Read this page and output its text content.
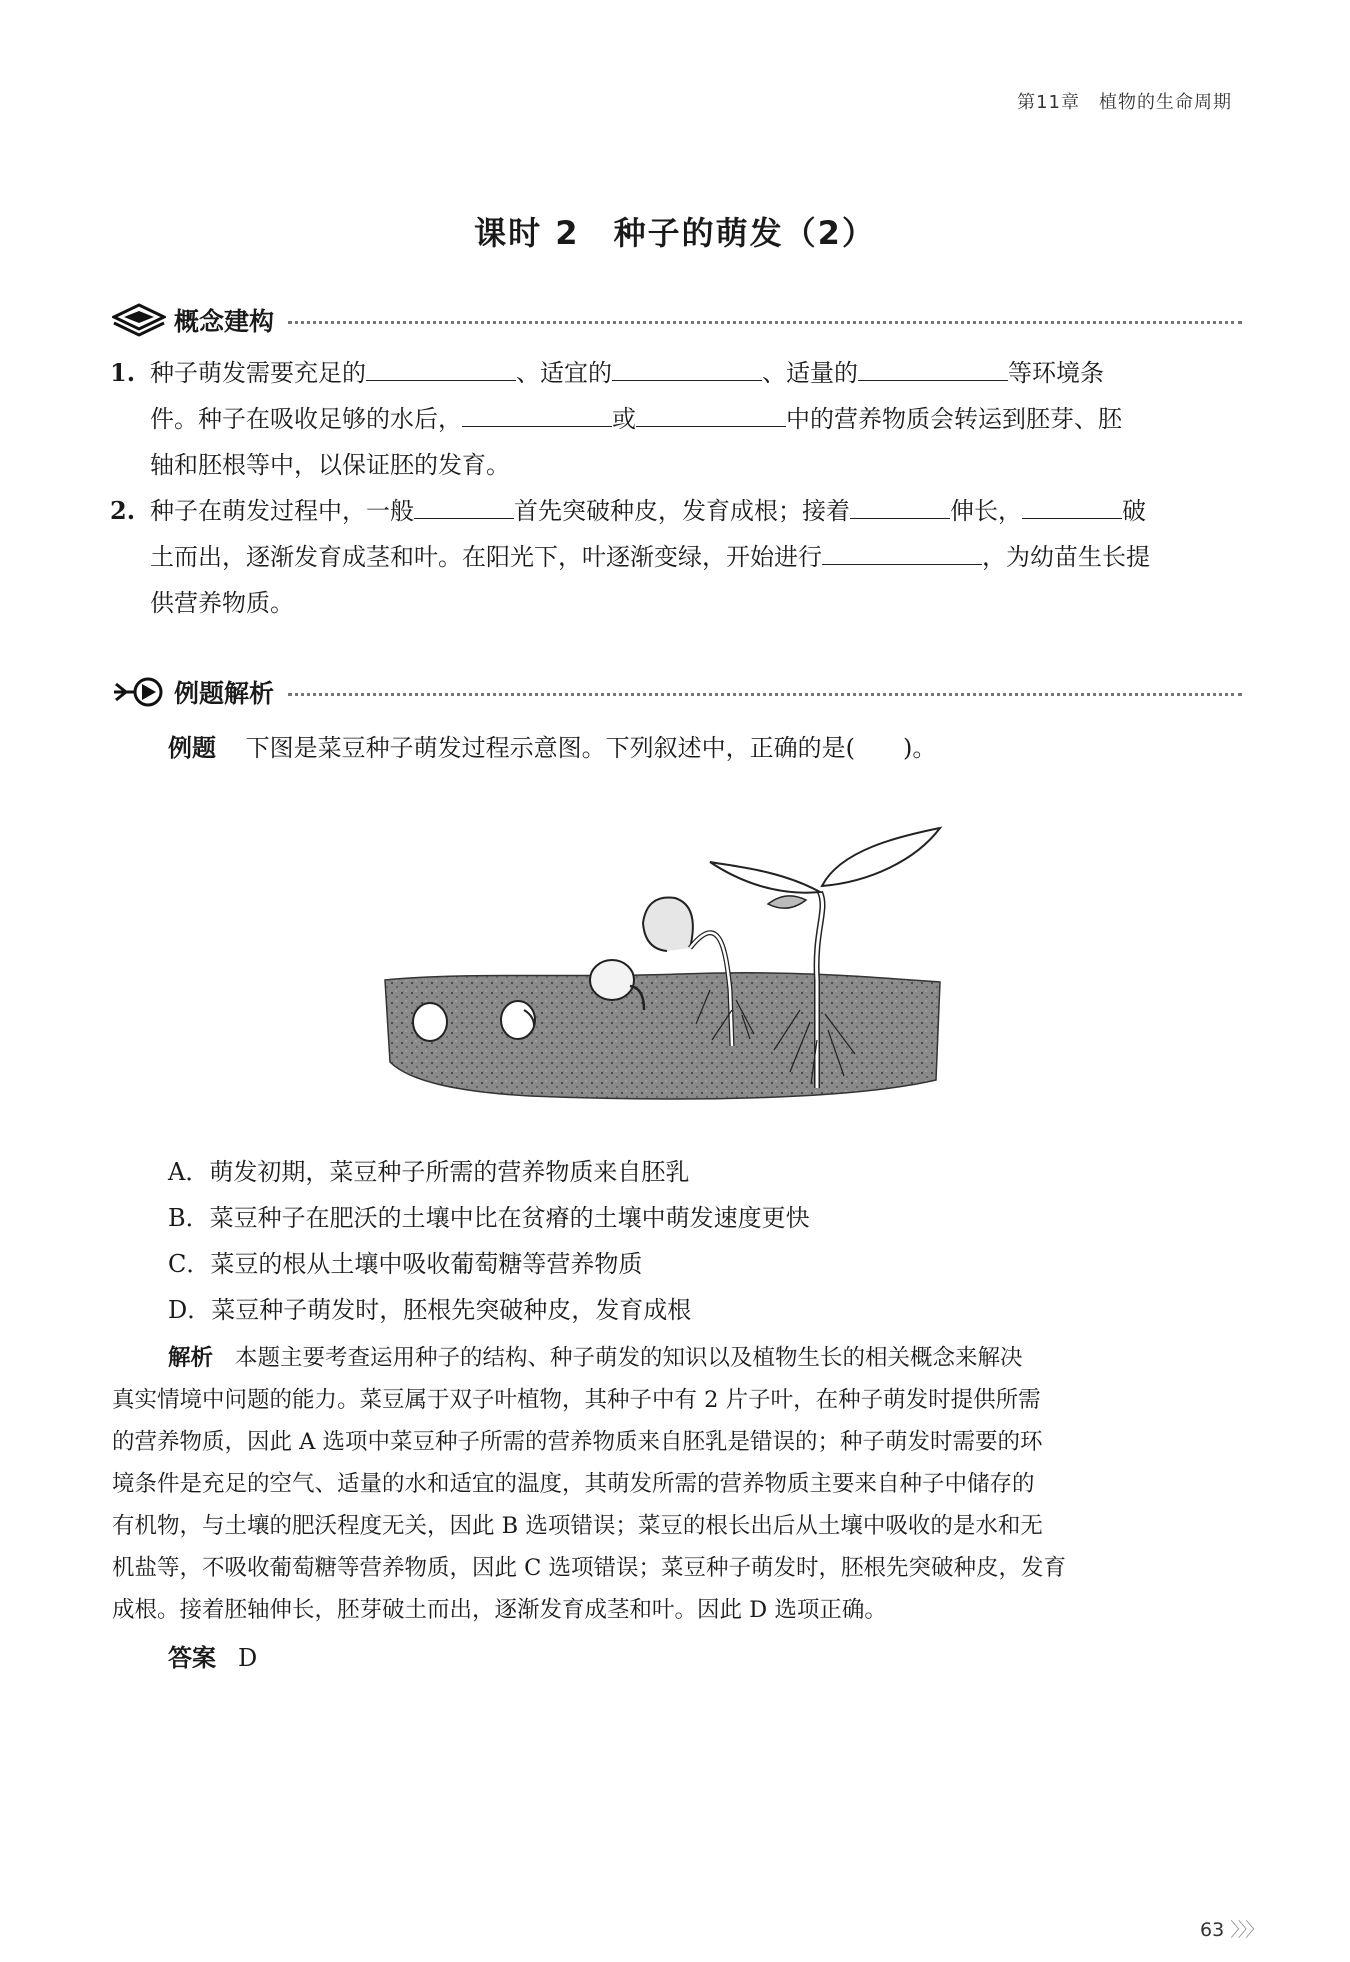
第11章　植物的生命周期
课时 2　种子的萌发（2）
概念建构
1. 种子萌发需要充足的	、适宜的	、适量的	等环境条
件。种子在吸收足够的水后，	或	中的营养物质会转运到胚芽、胚
轴和胚根等中，以保证胚的发育。
2. 种子在萌发过程中，一般	首先突破种皮，发育成根；接着	伸长，	破
土而出，逐渐发育成茎和叶。在阳光下，叶逐渐变绿，开始进行	，为幼苗生长提
供营养物质。
例题解析
例题 下图是菜豆种子萌发过程示意图。下列叙述中，正确的是(　　)。
A．萌发初期，菜豆种子所需的营养物质来自胚乳
B．菜豆种子在肥沃的土壤中比在贫瘠的土壤中萌发速度更快
C．菜豆的根从土壤中吸收葡萄糖等营养物质
D．菜豆种子萌发时，胚根先突破种皮，发育成根
解析 本题主要考查运用种子的结构、种子萌发的知识以及植物生长的相关概念来解决
真实情境中问题的能力。菜豆属于双子叶植物，其种子中有 2 片子叶，在种子萌发时提供所需
的营养物质，因此 A 选项中菜豆种子所需的营养物质来自胚乳是错误的；种子萌发时需要的环
境条件是充足的空气、适量的水和适宜的温度，其萌发所需的营养物质主要来自种子中储存的
有机物，与土壤的肥沃程度无关，因此 B 选项错误；菜豆的根长出后从土壤中吸收的是水和无
机盐等，不吸收葡萄糖等营养物质，因此 C 选项错误；菜豆种子萌发时，胚根先突破种皮，发育
成根。接着胚轴伸长，胚芽破土而出，逐渐发育成茎和叶。因此 D 选项正确。
答案 D
63 〉〉〉
